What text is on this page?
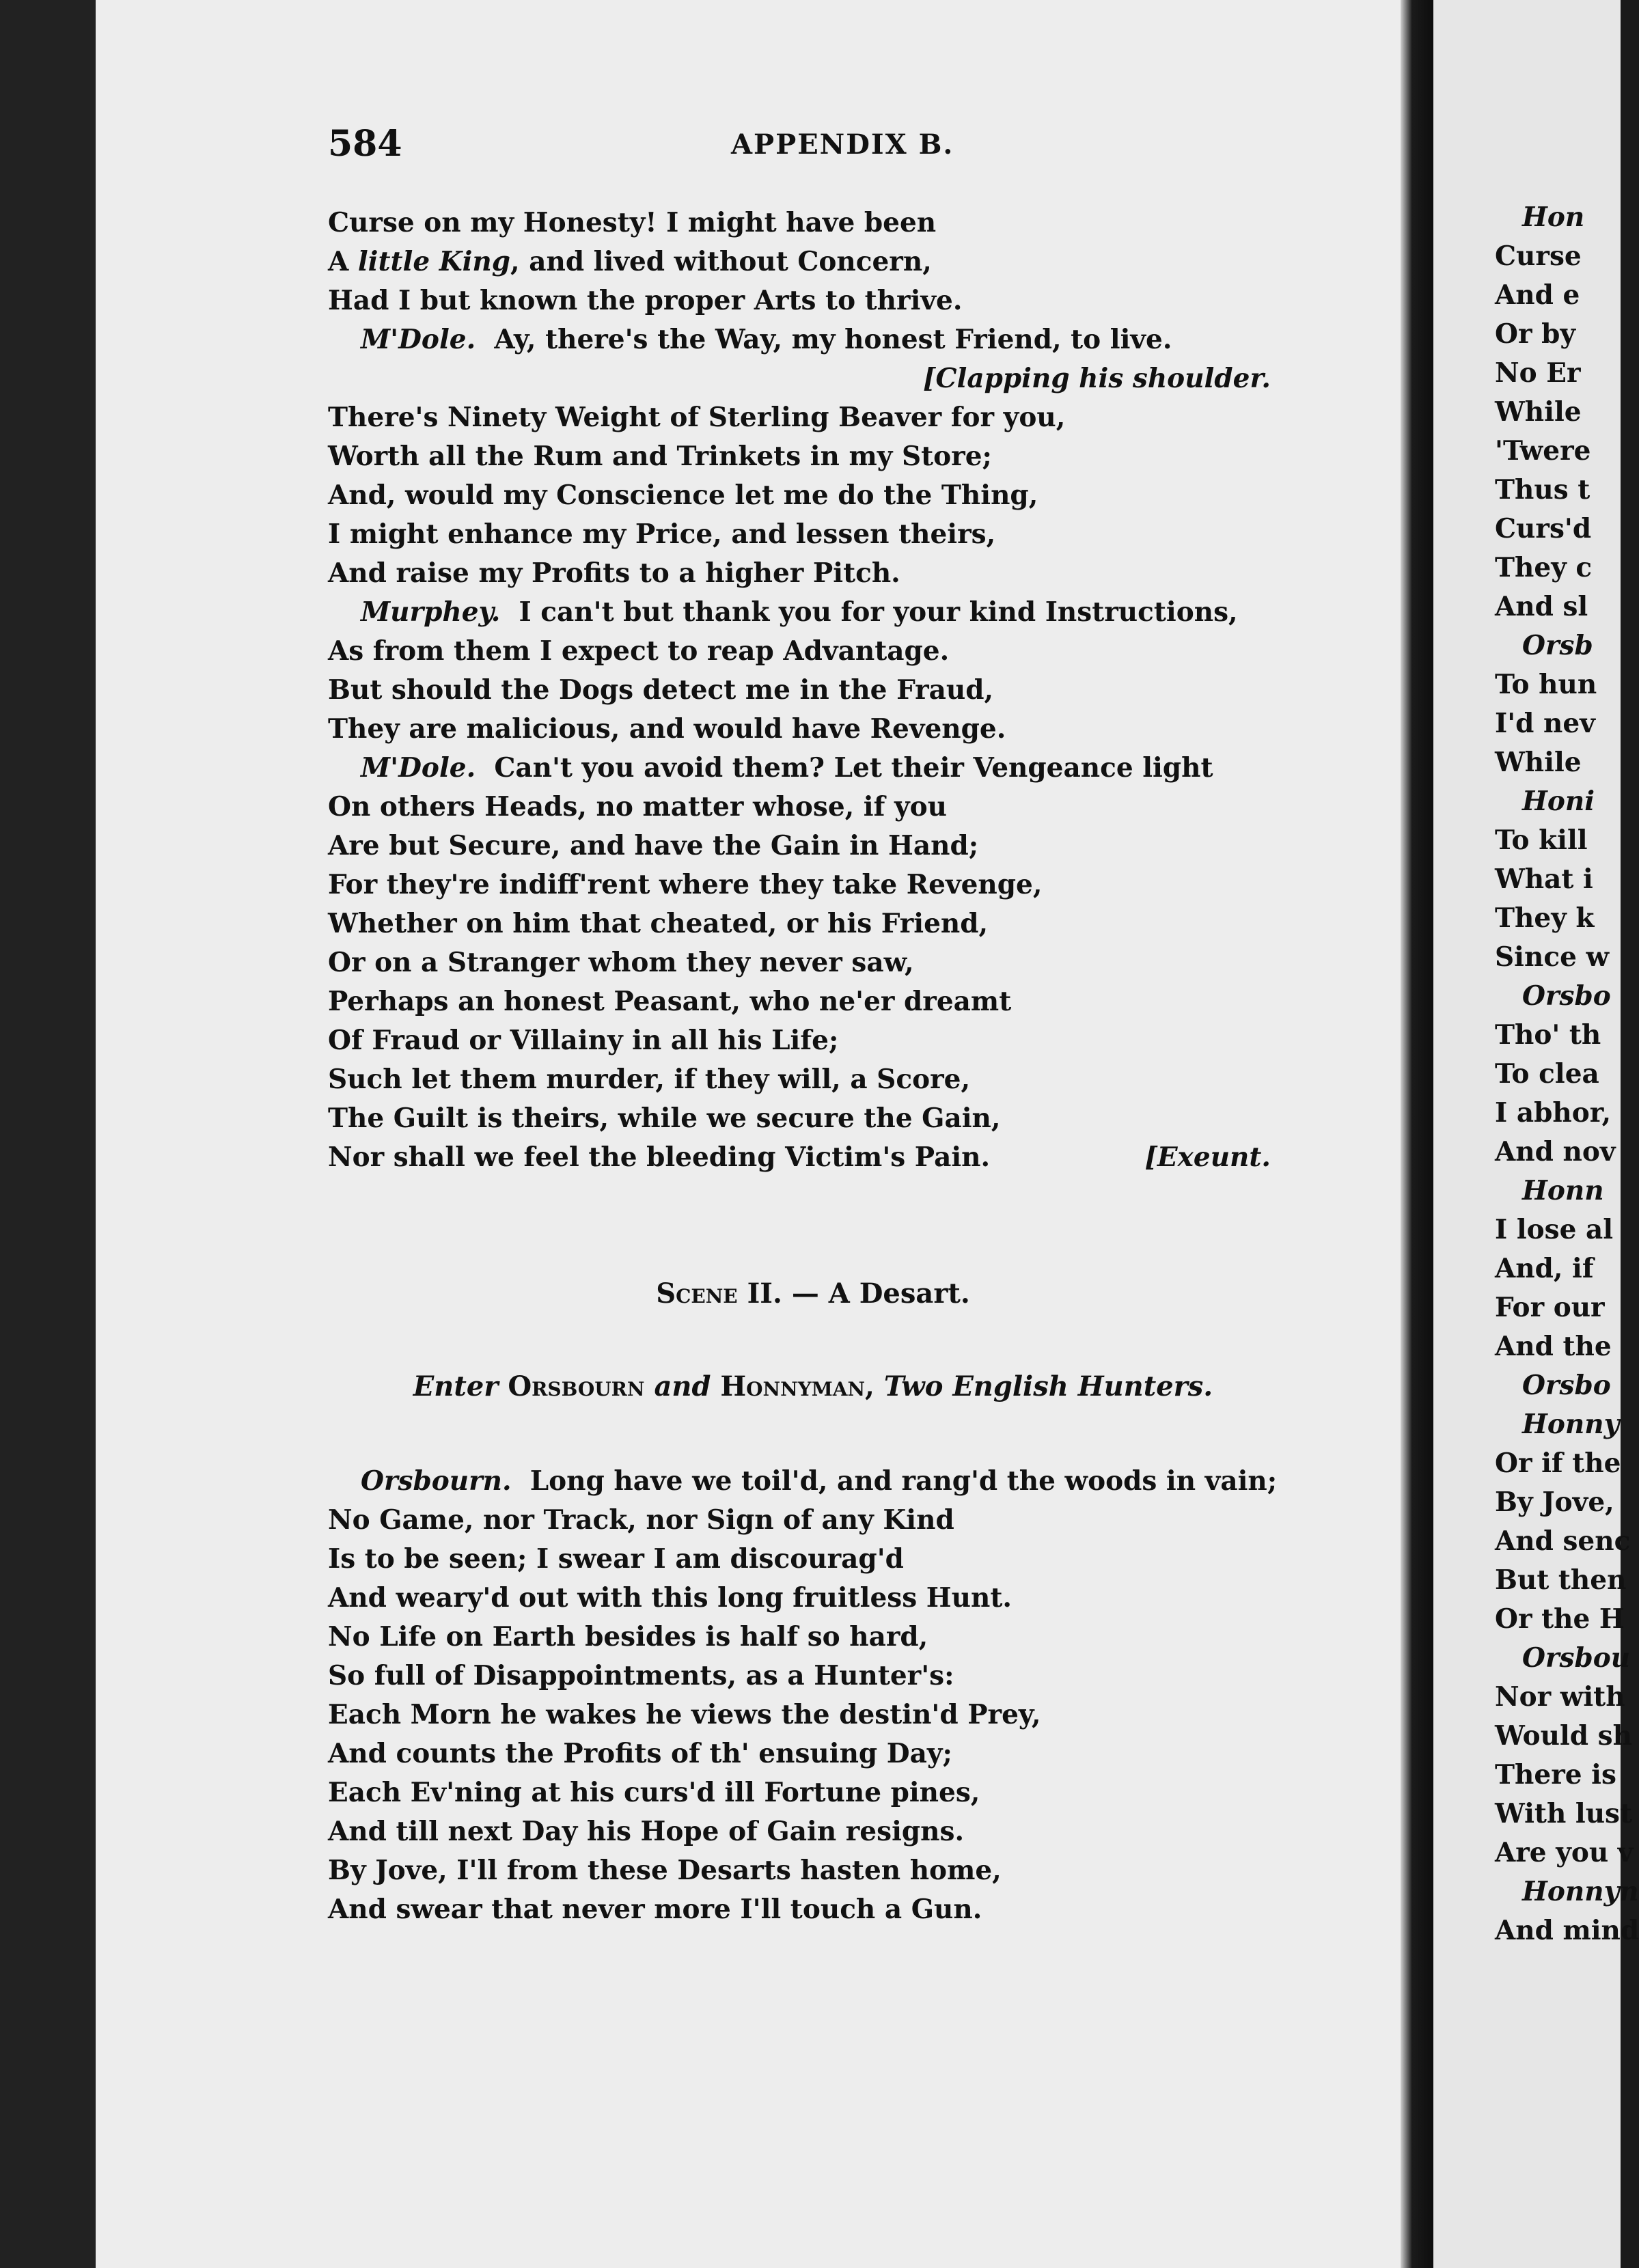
584	APPENDIX B.
Curse on my Honesty! I might have been
A little King, and lived without Concern,
Had I but known the proper Arts to thrive.
M'Dole. Ay, there's the Way, my honest Friend, to live.
[Clapping his shoulder.
There's Ninety Weight of Sterling Beaver for you,
Worth all the Rum and Trinkets in my Store;
And, would my Conscience let me do the Thing,
I might enhance my Price, and lessen theirs,
And raise my Profits to a higher Pitch.
Murphey. I can't but thank you for your kind Instructions,
As from them I expect to reap Advantage.
But should the Dogs detect me in the Fraud,
They are malicious, and would have Revenge.
M'Dole. Can't you avoid them? Let their Vengeance light
On others Heads, no matter whose, if you
Are but Secure, and have the Gain in Hand;
For they're indiff'rent where they take Revenge,
Whether on him that cheated, or his Friend,
Or on a Stranger whom they never saw,
Perhaps an honest Peasant, who ne'er dreamt
Of Fraud or Villainy in all his Life;
Such let them murder, if they will, a Score,
The Guilt is theirs, while we secure the Gain,
Nor shall we feel the bleeding Victim's Pain.	[Exeunt.
Scene II. — A Desart.
Enter Orsbourn and Honnyman, Two English Hunters.
Orsbourn. Long have we toil'd, and rang'd the woods in vain;
No Game, nor Track, nor Sign of any Kind
Is to be seen; I swear I am discourag'd
And weary'd out with this long fruitless Hunt.
No Life on Earth besides is half so hard,
So full of Disappointments, as a Hunter's:
Each Morn he wakes he views the destin'd Prey,
And counts the Profits of th' ensuing Day;
Each Ev'ning at his curs'd ill Fortune pines,
And till next Day his Hope of Gain resigns.
By Jove, I'll from these Desarts hasten home,
And swear that never more I'll touch a Gun.
Hon
Curse
And e
Or by
No Er
While
'Twere
Thus t
Curs'd
They c
And sl
Orsb
To hun
I'd nev
While
Honi
To kill
What i
They k
Since w
Orsbo
Tho' th
To clea
I abhor,
And nov
Honn
I lose al
And, if
For our
And the
Orsbo
Honny
Or if the
By Jove,
And senc
But then
Or the H
Orsbou
Nor with
Would sh
There is
With lust
Are you v
Honnyn
And mind
